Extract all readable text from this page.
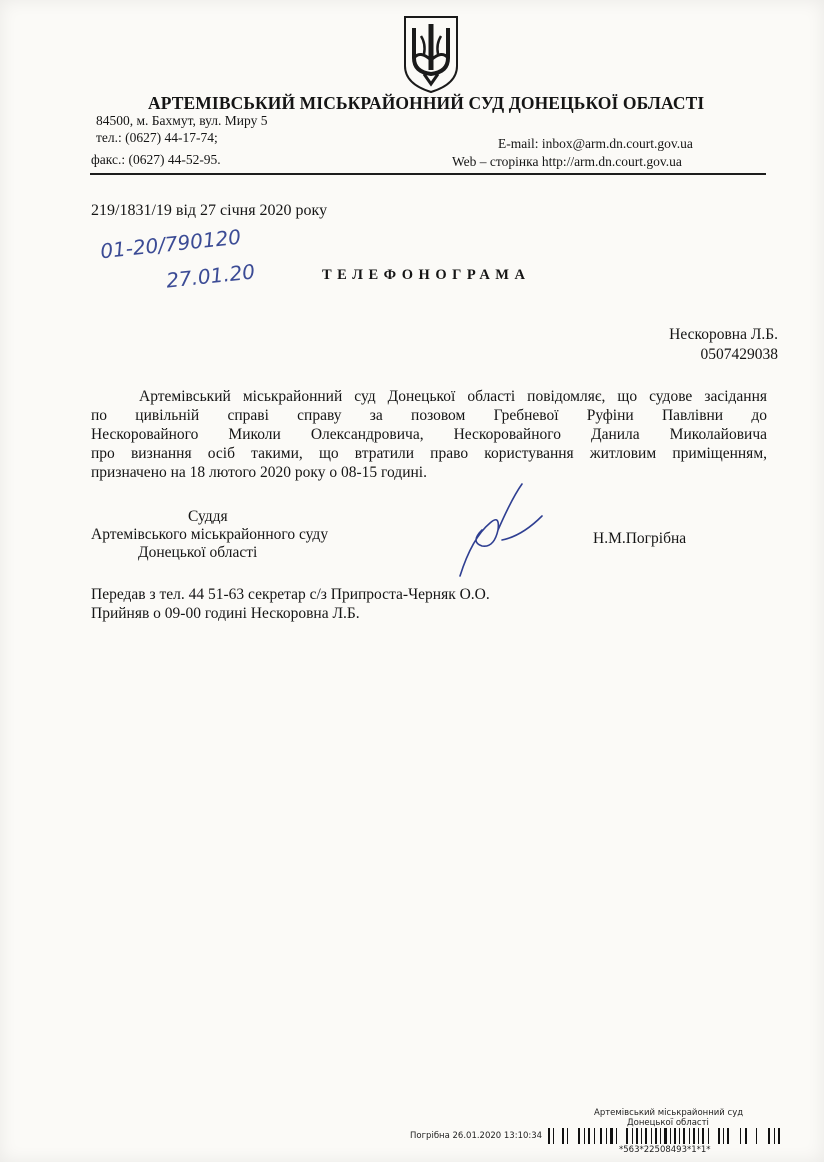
АРТЕМІВСЬКИЙ МІСЬКРАЙОННИЙ СУД ДОНЕЦЬКОЇ ОБЛАСТІ
84500, м. Бахмут, вул. Миру 5
тел.: (0627) 44-17-74;
факс.: (0627) 44-52-95.
E-mail: inbox@arm.dn.court.gov.ua
Web – сторінка http://arm.dn.court.gov.ua
219/1831/19 від 27 січня 2020 року
01-20/790120
27.01.20	ТЕЛЕФОНОГРАМА
Нескоровна Л.Б.
0507429038
Артемівський міськрайонний суд Донецької області повідомляє, що судове засідання
по цивільній справі справу за позовом Гребневої Руфіни Павлівни до
Нескоровайного Миколи Олександровича, Нескоровайного Данила Миколайовича
про визнання осіб такими, що втратили право користування житловим приміщенням,
призначено на 18 лютого 2020 року о 08-15 годині.
Суддя
Артемівського міськрайонного суду
Донецької області
Н.М.Погрібна
Передав з тел. 44 51-63 секретар с/з Припроста-Черняк О.О.
Прийняв о 09-00 годині Нескоровна Л.Б.
Артемівський міськрайонний суд
Донецької області
Погрібна 26.01.2020 13:10:34
*563*22508493*1*1*
